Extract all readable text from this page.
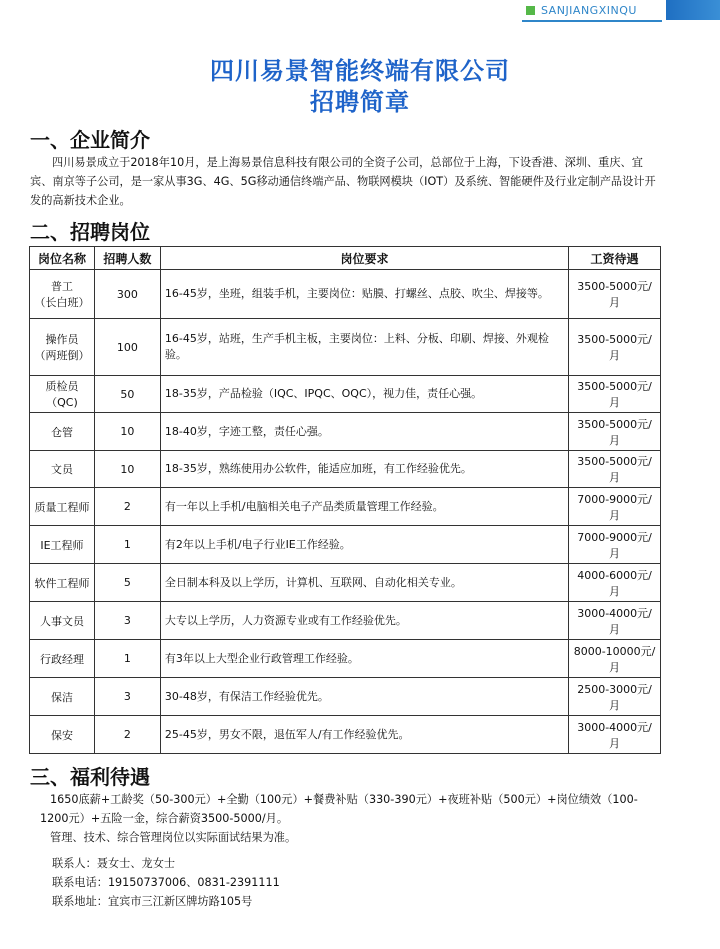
SANJIANGXINQU
四川易景智能终端有限公司
招聘简章
一、企业简介
四川易景成立于2018年10月，是上海易景信息科技有限公司的全资子公司，总部位于上海，下设香港、深圳、重庆、宜宾、南京等子公司，是一家从事3G、4G、5G移动通信终端产品、物联网模块（IOT）及系统、智能硬件及行业定制产品设计开发的高新技术企业。
二、招聘岗位
岗位名称	招聘人数	岗位要求	工资待遇

普工
（长白班）	300	16-45岁，坐班，组装手机，主要岗位：贴膜、打螺丝、点胶、吹尘、焊接等。	3500-5000元/月

操作员
（两班倒）	100	16-45岁，站班，生产手机主板，主要岗位：上料、分板、印刷、焊接、外观检验。	3500-5000元/月
质检员（QC)	50	18-35岁，产品检验（IQC、IPQC、OQC），视力佳，责任心强。	3500-5000元/月
仓管	10	18-40岁，字迹工整，责任心强。	3500-5000元/月
文员	10	18-35岁，熟练使用办公软件，能适应加班，有工作经验优先。	3500-5000元/月
质量工程师	2	有一年以上手机/电脑相关电子产品类质量管理工作经验。	7000-9000元/月
IE工程师	1	有2年以上手机/电子行业IE工作经验。	7000-9000元/月
软件工程师	5	全日制本科及以上学历，计算机、互联网、自动化相关专业。	4000-6000元/月
人事文员	3	大专以上学历，人力资源专业或有工作经验优先。	3000-4000元/月
行政经理	1	有3年以上大型企业行政管理工作经验。	8000-10000元/月
保洁	3	30-48岁，有保洁工作经验优先。	2500-3000元/月
保安	2	25-45岁，男女不限，退伍军人/有工作经验优先。	3000-4000元/月
三、福利待遇

1650底薪+工龄奖（50-300元）+全勤（100元）+餐费补贴（330-390元）+夜班补贴（500元）+岗位绩效（100-1200元）+五险一金，综合薪资3500-5000/月。

管理、技术、综合管理岗位以实际面试结果为准。

联系人：聂女士、龙女士
联系电话：19150737006、0831-2391111
联系地址：宜宾市三江新区牌坊路105号
